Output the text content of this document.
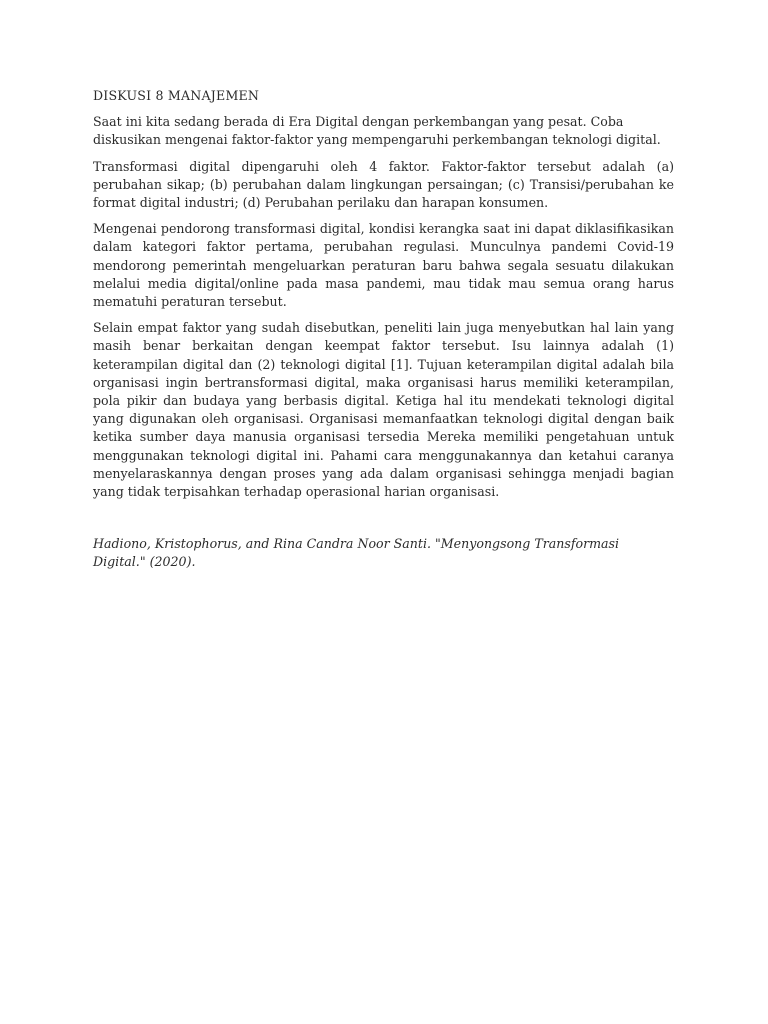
DISKUSI 8 MANAJEMEN

Saat ini kita sedang berada di Era Digital dengan perkembangan yang pesat. Coba diskusikan mengenai faktor-faktor yang mempengaruhi perkembangan teknologi digital.

Transformasi digital dipengaruhi oleh 4 faktor. Faktor-faktor tersebut adalah (a) perubahan sikap; (b) perubahan dalam lingkungan persaingan; (c) Transisi/perubahan ke format digital industri; (d) Perubahan perilaku dan harapan konsumen.

Mengenai pendorong transformasi digital, kondisi kerangka saat ini dapat diklasifikasikan dalam kategori faktor pertama, perubahan regulasi. Munculnya pandemi Covid-19 mendorong pemerintah mengeluarkan peraturan baru bahwa segala sesuatu dilakukan melalui media digital/online pada masa pandemi, mau tidak mau semua orang harus mematuhi peraturan tersebut.

Selain empat faktor yang sudah disebutkan, peneliti lain juga menyebutkan hal lain yang masih benar berkaitan dengan keempat faktor tersebut. Isu lainnya adalah (1) keterampilan digital dan (2) teknologi digital [1]. Tujuan keterampilan digital adalah bila organisasi ingin bertransformasi digital, maka organisasi harus memiliki keterampilan, pola pikir dan budaya yang berbasis digital. Ketiga hal itu mendekati teknologi digital yang digunakan oleh organisasi. Organisasi memanfaatkan teknologi digital dengan baik ketika sumber daya manusia organisasi tersedia Mereka memiliki pengetahuan untuk menggunakan teknologi digital ini. Pahami cara menggunakannya dan ketahui caranya menyelaraskannya dengan proses yang ada dalam organisasi sehingga menjadi bagian yang tidak terpisahkan terhadap operasional harian organisasi.

Hadiono, Kristophorus, and Rina Candra Noor Santi. "Menyongsong Transformasi Digital." (2020).
